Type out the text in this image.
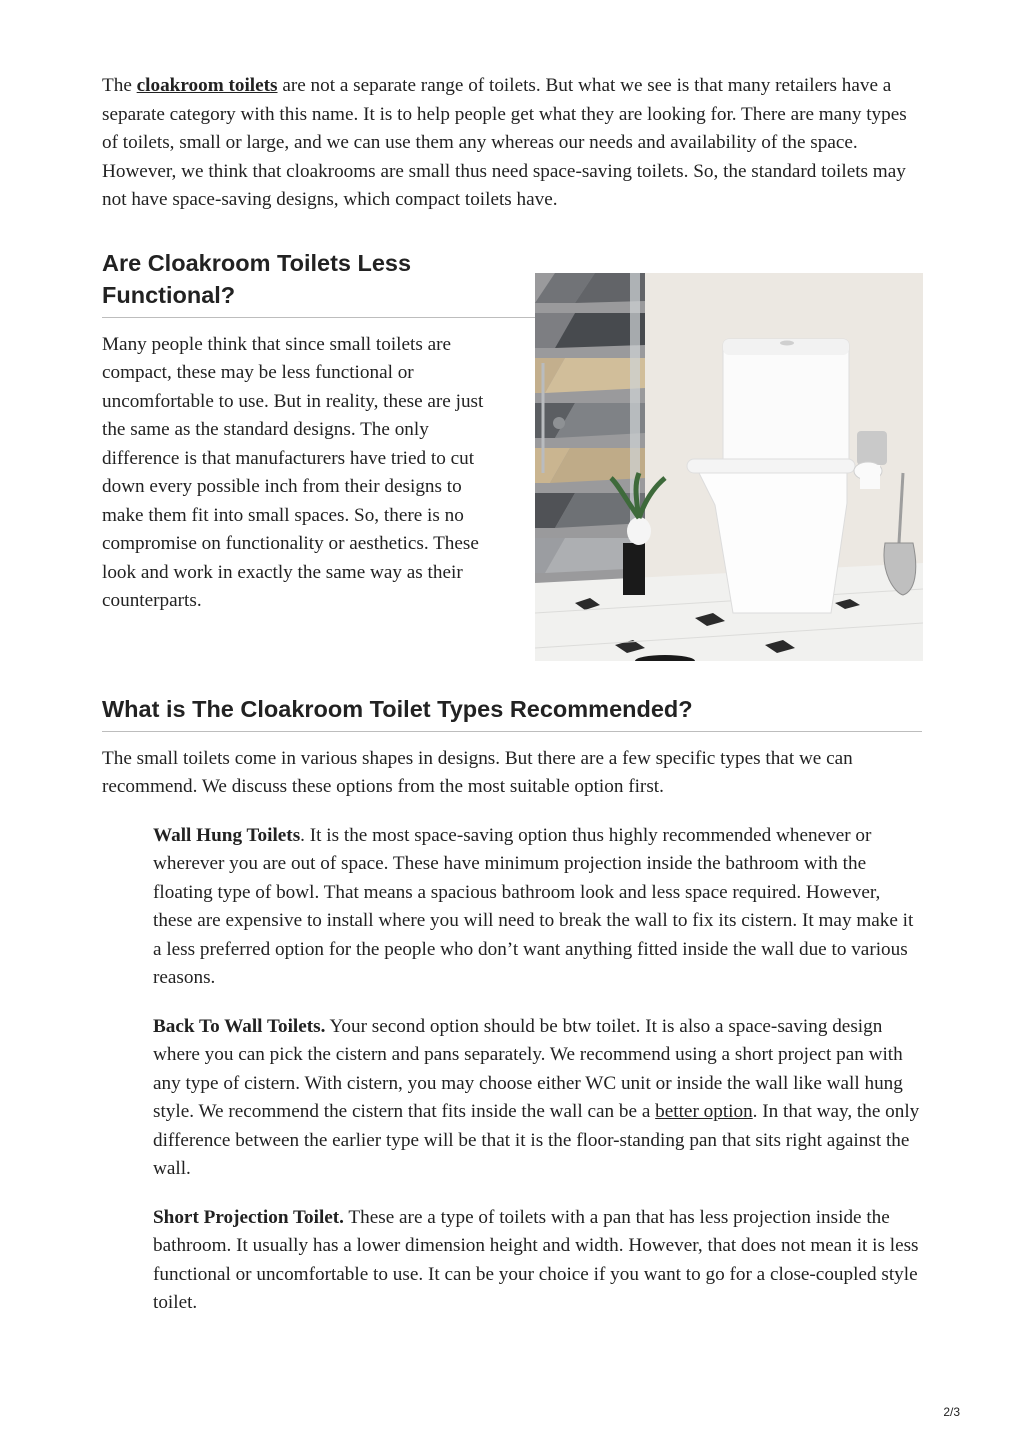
The cloakroom toilets are not a separate range of toilets. But what we see is that many retailers have a separate category with this name. It is to help people get what they are looking for. There are many types of toilets, small or large, and we can use them any whereas our needs and availability of the space. However, we think that cloakrooms are small thus need space-saving toilets. So, the standard toilets may not have space-saving designs, which compact toilets have.

Are Cloakroom Toilets Less Functional?

Many people think that since small toilets are compact, these may be less functional or uncomfortable to use. But in reality, these are just the same as the standard designs. The only difference is that manufacturers have tried to cut down every possible inch from their designs to make them fit into small spaces. So, there is no compromise on functionality or aesthetics. These look and work in exactly the same way as their counterparts.

What is The Cloakroom Toilet Types Recommended?

The small toilets come in various shapes in designs. But there are a few specific types that we can recommend. We discuss these options from the most suitable option first.

Wall Hung Toilets. It is the most space-saving option thus highly recommended whenever or wherever you are out of space. These have minimum projection inside the bathroom with the floating type of bowl. That means a spacious bathroom look and less space required. However, these are expensive to install where you will need to break the wall to fix its cistern. It may make it a less preferred option for the people who don’t want anything fitted inside the wall due to various reasons.

Back To Wall Toilets. Your second option should be btw toilet. It is also a space-saving design where you can pick the cistern and pans separately. We recommend using a short project pan with any type of cistern. With cistern, you may choose either WC unit or inside the wall like wall hung style. We recommend the cistern that fits inside the wall can be a better option. In that way, the only difference between the earlier type will be that it is the floor-standing pan that sits right against the wall.

Short Projection Toilet. These are a type of toilets with a pan that has less projection inside the bathroom. It usually has a lower dimension height and width. However, that does not mean it is less functional or uncomfortable to use. It can be your choice if you want to go for a close-coupled style toilet.

2/3
